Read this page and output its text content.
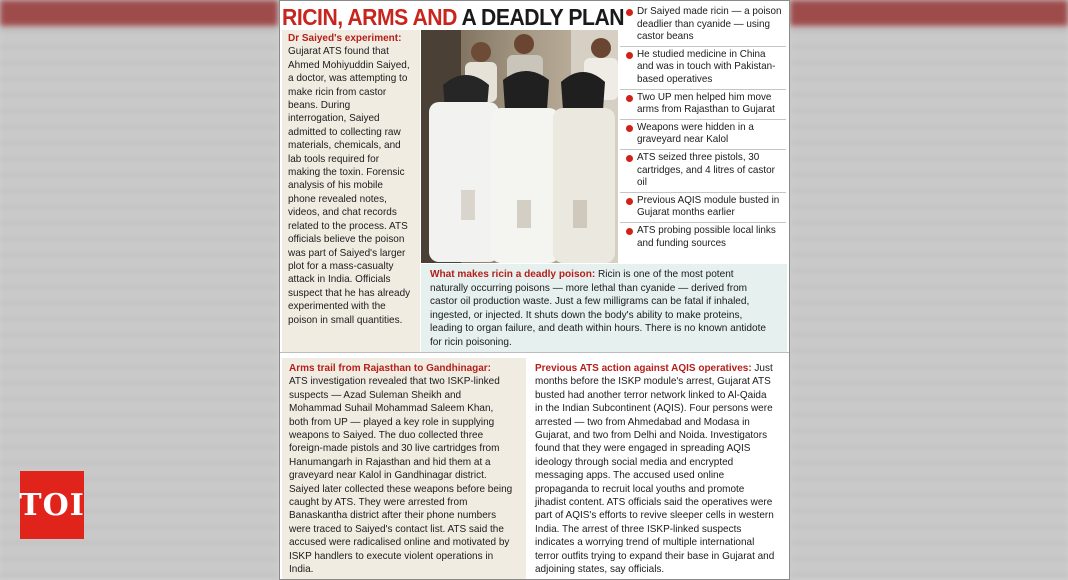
TOI
RICIN, ARMS AND A DEADLY PLAN
Dr Saiyed's experiment:
Gujarat ATS found that Ahmed Mohiyuddin Saiyed, a doctor, was attempting to make ricin from castor beans. During interrogation, Saiyed admitted to collecting raw materials, chemicals, and lab tools required for making the toxin. Forensic analysis of his mobile phone revealed notes, videos, and chat records related to the process. ATS officials believe the poison was part of Saiyed's larger plot for a mass-casualty attack in India. Officials suspect that he has already experimented with the poison in small quantities.
Dr Saiyed made ricin — a poison deadlier than cyanide — using castor beans
He studied medicine in China and was in touch with Pakistan-based operatives
Two UP men helped him move arms from Rajasthan to Gujarat
Weapons were hidden in a graveyard near Kalol
ATS seized three pistols, 30 cartridges, and 4 litres of castor oil
Previous AQIS module busted in Gujarat months earlier
ATS probing possible local links and funding sources
What makes ricin a deadly poison: Ricin is one of the most potent naturally occurring poisons — more lethal than cyanide — derived from castor oil production waste. Just a few milligrams can be fatal if inhaled, ingested, or injected. It shuts down the body's ability to make proteins, leading to organ failure, and death within hours. There is no known antidote for ricin poisoning.
Arms trail from Rajasthan to Gandhinagar:
ATS investigation revealed that two ISKP-linked suspects — Azad Suleman Sheikh and Mohammad Suhail Mohammad Saleem Khan, both from UP — played a key role in supplying weapons to Saiyed. The duo collected three foreign-made pistols and 30 live cartridges from Hanumangarh in Rajasthan and hid them at a graveyard near Kalol in Gandhinagar district. Saiyed later collected these weapons before being caught by ATS. They were arrested from Banaskantha district after their phone numbers were traced to Saiyed's contact list. ATS said the accused were radicalised online and motivated by ISKP handlers to execute violent operations in India.
Previous ATS action against AQIS operatives: Just months before the ISKP module's arrest, Gujarat ATS busted had another terror network linked to Al-Qaida in the Indian Subcontinent (AQIS). Four persons were arrested — two from Ahmedabad and Modasa in Gujarat, and two from Delhi and Noida. Investigators found that they were engaged in spreading AQIS ideology through social media and encrypted messaging apps. The accused used online propaganda to recruit local youths and promote jihadist content. ATS officials said the operatives were part of AQIS's efforts to revive sleeper cells in western India. The arrest of three ISKP-linked suspects indicates a worrying trend of multiple international terror outfits trying to expand their base in Gujarat and adjoining states, say officials.
